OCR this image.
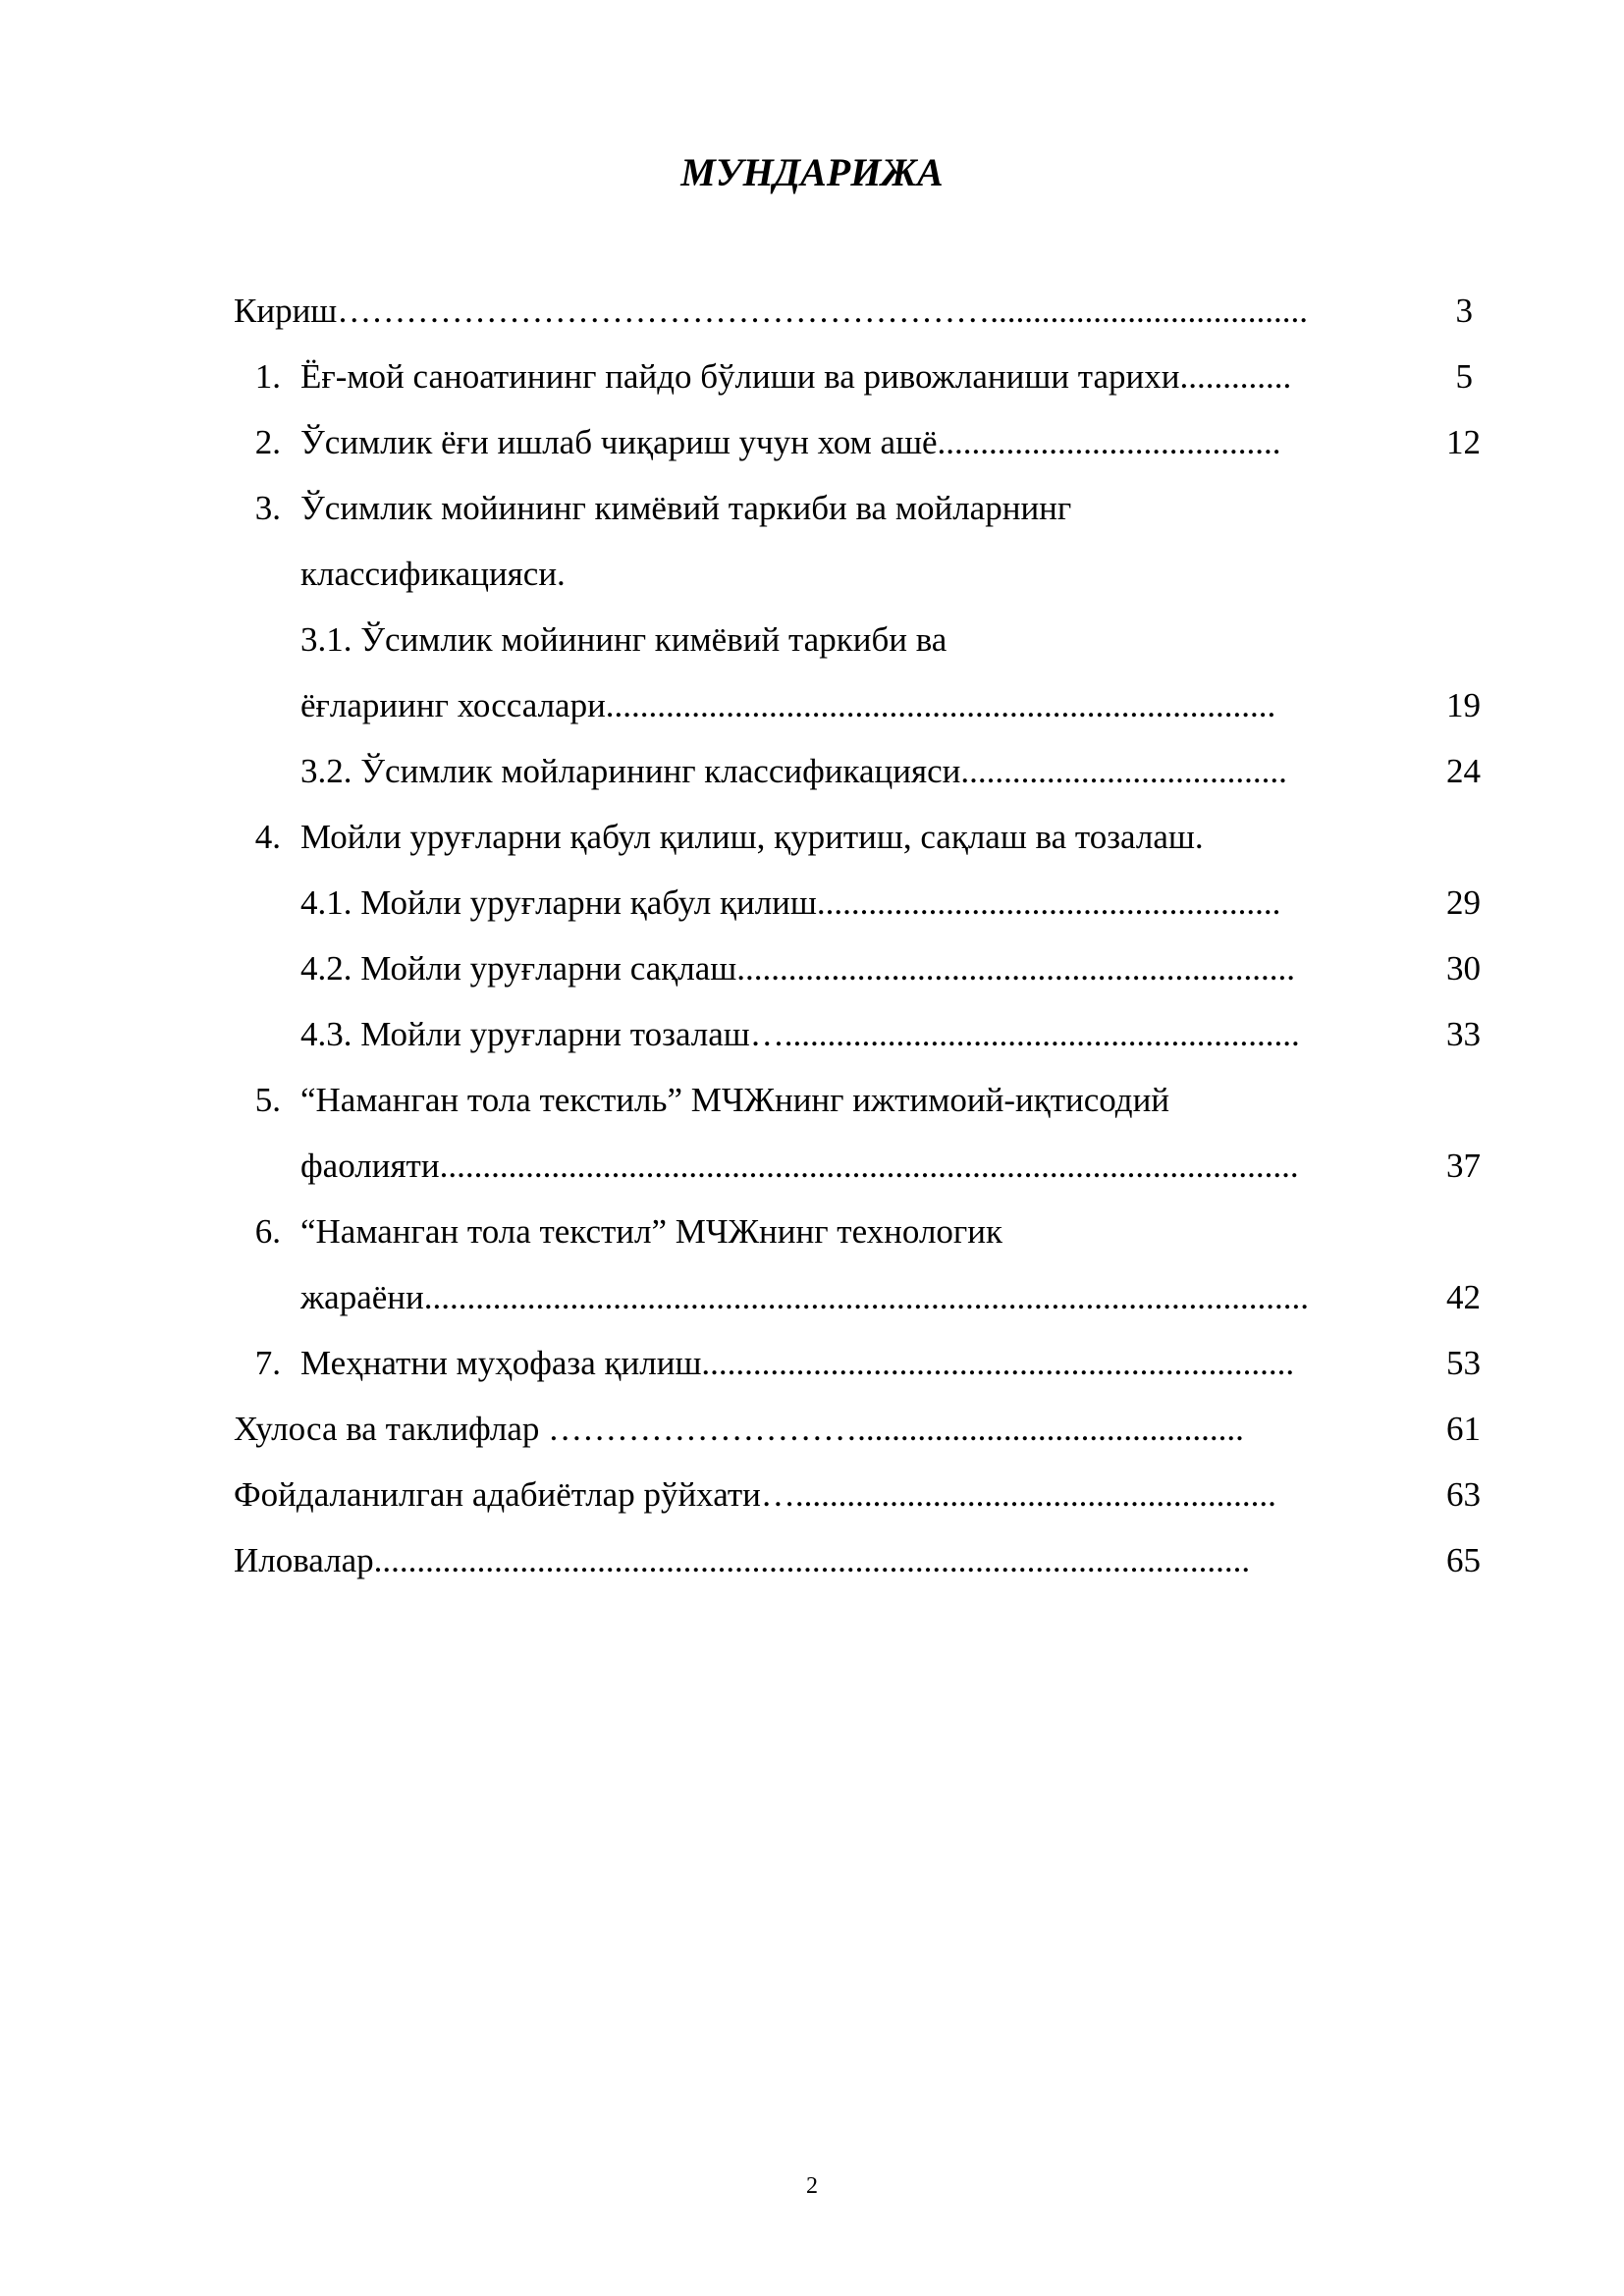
МУНДАРИЖА
Кириш………………………………………………….....................................	3
1. Ёғ-мой саноатининг пайдо бўлиши ва ривожланиши тарихи.............	5
2. Ўсимлик ёғи ишлаб чиқариш учун хом ашё........................................	12
3. Ўсимлик мойининг кимёвий таркиби ва мойларнинг
классификацияси.
3.1. Ўсимлик мойининг кимёвий таркиби ва
ёғлариинг хоссалари..............................................................................	19
3.2. Ўсимлик мойларининг классификацияси......................................	24
4. Мойли уруғларни қабул қилиш, қуритиш, сақлаш ва тозалаш.
4.1. Мойли уруғларни қабул қилиш......................................................	29
4.2. Мойли уруғларни сақлаш.................................................................	30
4.3. Мойли уруғларни тозалаш…............................................................	33
5. “Наманган тола текстиль” МЧЖнинг ижтимоий-иқтисодий
фаолияти....................................................................................................	37
6. “Наманган тола текстил” МЧЖнинг технологик
жараёни.......................................................................................................	42
7. Меҳнатни муҳофаза қилиш.....................................................................	53
Хулоса ва таклифлар ……………………….............................................	61
Фойдаланилган адабиётлар рўйхати…........................................................	63
Иловалар......................................................................................................	65
2
